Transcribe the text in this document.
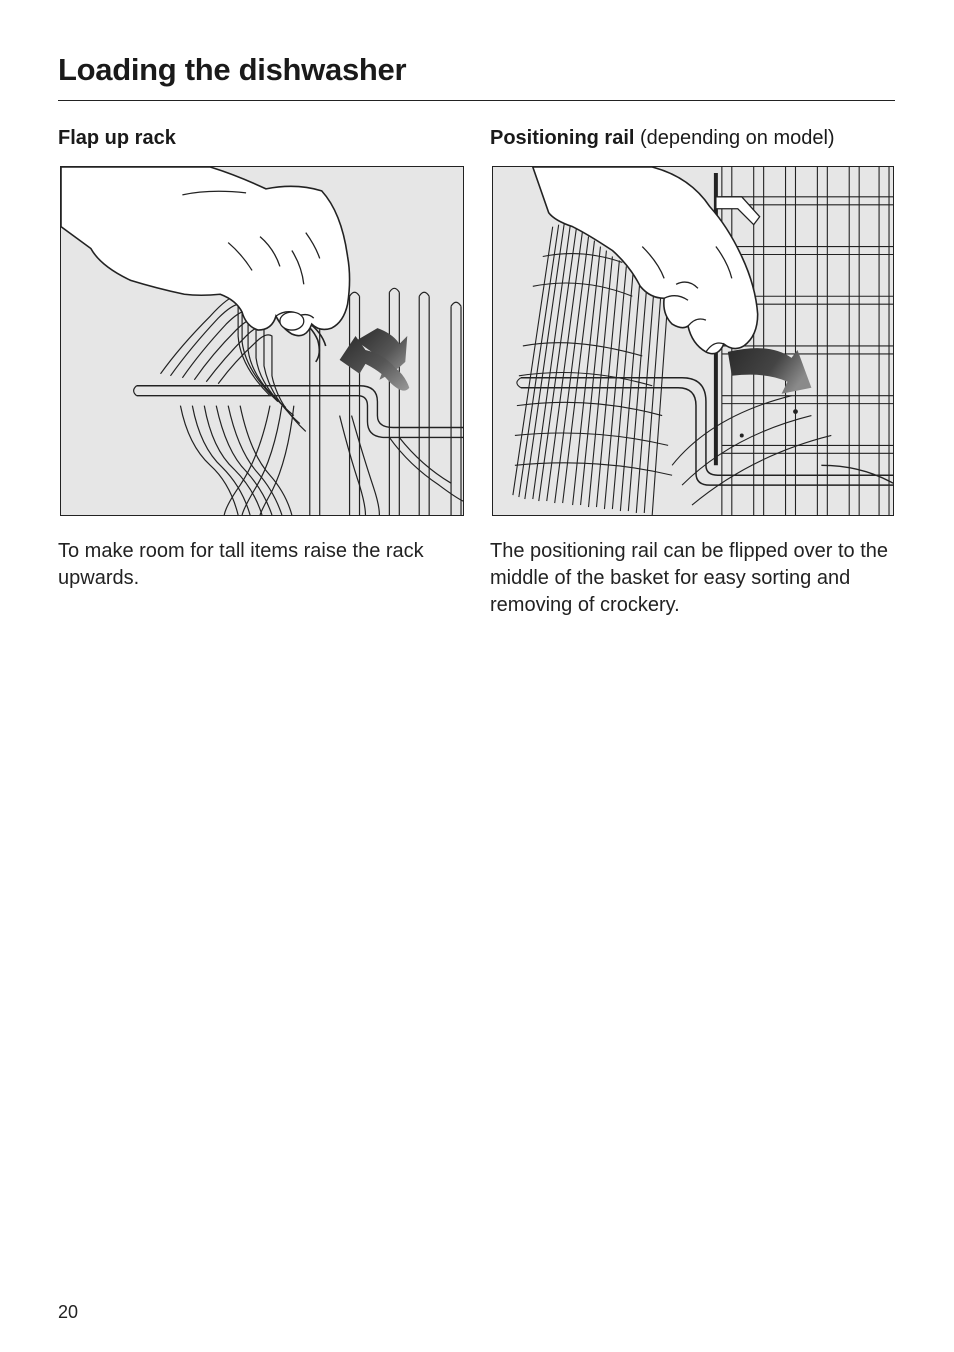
Loading the dishwasher
Flap up rack

To make room for tall items raise the rack upwards.

Positioning rail (depending on model)

The positioning rail can be flipped over to the middle of the basket for easy sorting and removing of crockery.

20
